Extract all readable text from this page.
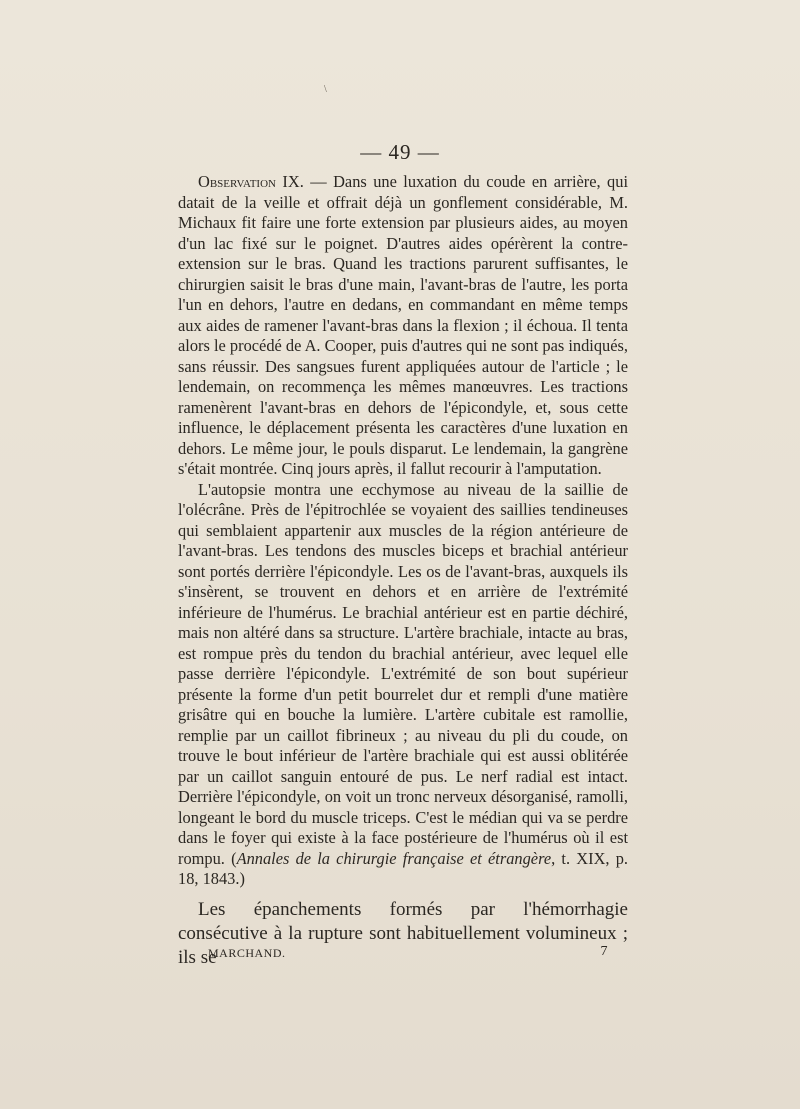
\
— 49 —

Observation IX. — Dans une luxation du coude en arrière, qui datait de la veille et offrait déjà un gonflement considérable, M. Michaux fit faire une forte extension par plusieurs aides, au moyen d'un lac fixé sur le poignet. D'autres aides opérèrent la contre-extension sur le bras. Quand les tractions parurent suffisantes, le chirurgien saisit le bras d'une main, l'avant-bras de l'autre, les porta l'un en dehors, l'autre en dedans, en commandant en même temps aux aides de ramener l'avant-bras dans la flexion ; il échoua. Il tenta alors le procédé de A. Cooper, puis d'autres qui ne sont pas indiqués, sans réussir. Des sangsues furent appliquées autour de l'article ; le lendemain, on recommença les mêmes manœuvres. Les tractions ramenèrent l'avant-bras en dehors de l'épicondyle, et, sous cette influence, le déplacement présenta les caractères d'une luxation en dehors. Le même jour, le pouls disparut. Le lendemain, la gangrène s'était montrée. Cinq jours après, il fallut recourir à l'amputation.

L'autopsie montra une ecchymose au niveau de la saillie de l'olécrâne. Près de l'épitrochlée se voyaient des saillies tendineuses qui semblaient appartenir aux muscles de la région antérieure de l'avant-bras. Les tendons des muscles biceps et brachial antérieur sont portés derrière l'épicondyle. Les os de l'avant-bras, auxquels ils s'insèrent, se trouvent en dehors et en arrière de l'extrémité inférieure de l'humérus. Le brachial antérieur est en partie déchiré, mais non altéré dans sa structure. L'artère brachiale, intacte au bras, est rompue près du tendon du brachial antérieur, avec lequel elle passe derrière l'épicondyle. L'extrémité de son bout supérieur présente la forme d'un petit bourrelet dur et rempli d'une matière grisâtre qui en bouche la lumière. L'artère cubitale est ramollie, remplie par un caillot fibrineux ; au niveau du pli du coude, on trouve le bout inférieur de l'artère brachiale qui est aussi oblitérée par un caillot sanguin entouré de pus. Le nerf radial est intact. Derrière l'épicondyle, on voit un tronc nerveux désorganisé, ramolli, longeant le bord du muscle triceps. C'est le médian qui va se perdre dans le foyer qui existe à la face postérieure de l'humérus où il est rompu. (Annales de la chirurgie française et étrangère, t. XIX, p. 18, 1843.)

Les épanchements formés par l'hémorrhagie consécutive à la rupture sont habituellement volumineux ; ils se

MARCHAND.	7
